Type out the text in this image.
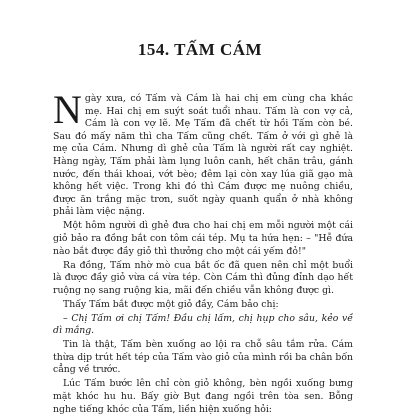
154. TẤM CÁM

Ngày xưa, có Tấm và Cám là hai chị em cùng cha khác mẹ. Hai chị em suýt soát tuổi nhau. Tấm là con vợ cả, Cám là con vợ lẽ. Mẹ Tấm đã chết từ hồi Tấm còn bé. Sau đó mấy năm thì cha Tấm cũng chết. Tấm ở với gì ghẻ là mẹ của Cám. Nhưng dì ghẻ của Tấm là người rất cay nghiệt. Hàng ngày, Tấm phải làm lụng luôn canh, hết chăn trâu, gánh nước, đến thái khoai, vớt bèo; đêm lại còn xay lúa giã gạo mà không hết việc. Trong khi đó thì Cám được mẹ nuông chiều, được ăn trắng mặc trơn, suốt ngày quanh quẩn ở nhà không phải làm việc nặng.

Một hôm người dì ghẻ đưa cho hai chị em mỗi người một cái giỏ bảo ra đồng bắt con tôm cái tép. Mụ ta hứa hẹn: – "Hễ đứa nào bắt được đầy giỏ thì thưởng cho một cái yếm đỏ!"

Ra đồng, Tấm nhờ mò cua bắt ốc đã quen nên chỉ một buổi là được đầy giỏ vừa cá vừa tép. Còn Cám thì đủng đỉnh dạo hết ruộng nọ sang ruộng kia, mãi đến chiều vẫn không được gì.

Thấy Tấm bắt được một giỏ đầy, Cám bảo chị:

– Chị Tấm ơi chị Tấm! Đầu chị lấm, chị hụp cho sâu, kẻo về dì mắng.

Tin là thật, Tấm bèn xuống ao lội ra chỗ sâu tắm rửa. Cám thừa dịp trút hết tép của Tấm vào giỏ của mình rồi ba chân bốn cẳng về trước.

Lúc Tấm bước lên chỉ còn giỏ không, bèn ngồi xuống bưng mặt khóc hu hu. Bấy giờ Bụt đang ngồi trên tòa sen. Bỗng nghe tiếng khóc của Tấm, liền hiện xuống hỏi:
